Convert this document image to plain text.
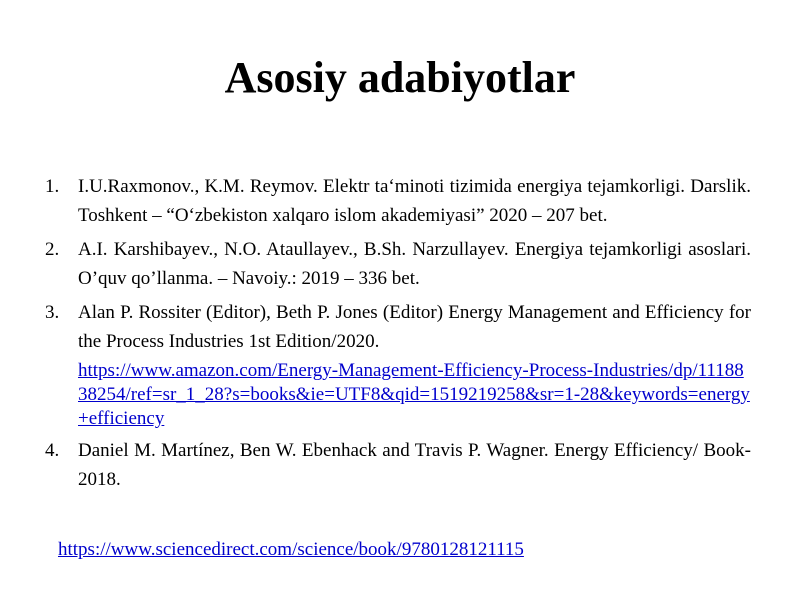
Asosiy adabiyotlar
1. I.U.Raxmonov., K.M. Reymov. Elektr ta‘minoti tizimida energiya tejamkorligi. Darslik. Toshkent – “O‘zbekiston xalqaro islom akademiyasi” 2020 – 207 bet.
2. A.I. Karshibayev., N.O. Ataullayev., B.Sh. Narzullayev. Energiya tejamkorligi asoslari. O’quv qo’llanma. – Navoiy.: 2019 – 336 bet.
3. Alan P. Rossiter (Editor), Beth P. Jones (Editor) Energy Management and Efficiency for the Process Industries 1st Edition/2020.
https://www.amazon.com/Energy-Management-Efficiency-Process-Industries/dp/1118838254/ref=sr_1_28?s=books&ie=UTF8&qid=1519219258&sr=1-28&keywords=energy+efficiency
4. Daniel M. Martínez, Ben W. Ebenhack and Travis P. Wagner. Energy Efficiency/ Book-2018.
https://www.sciencedirect.com/science/book/9780128121115
